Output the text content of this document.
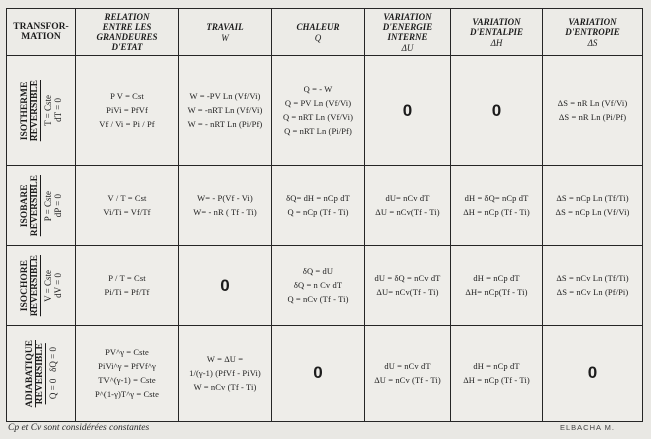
TRANSFOR-
MATION	RELATION
ENTRE LES
GRANDEURES
D'ETAT	TRAVAIL
W	CHALEUR
Q	VARIATION
D'ENERGIE
INTERNE
ΔU	VARIATION
D'ENTALPIE
ΔH	VARIATION
D'ENTROPIE
ΔS

ISOTHERME
REVERSIBLE T = Cste
dT = 0	P V = Cst
PiVi = PfVf
Vf / Vi = Pi / Pf	W = -PV Ln (Vf/Vi)
W = -nRT Ln (Vf/Vi)
W = - nRT Ln (Pi/Pf)	Q = - W
Q = PV Ln (Vf/Vi)
Q = nRT Ln (Vf/Vi)
Q = nRT Ln (Pi/Pf)	0	0	ΔS = nR Ln (Vf/Vi)
ΔS = nR Ln (Pi/Pf)

ISOBARE
REVERSIBLE P = Cste
dP = 0	V / T = Cst
Vi/Ti = Vf/Tf	W= - P(Vf - Vi)
W= - nR ( Tf - Ti)	δQ= dH = nCp dT
Q = nCp (Tf - Ti)	dU= nCv dT
ΔU = nCv(Tf - Ti)	dH = δQ= nCp dT
ΔH = nCp (Tf - Ti)	ΔS = nCp Ln (Tf/Ti)
ΔS = nCp Ln (Vf/Vi)

ISOCHORE
REVERSIBLE V = Cste
dV = 0	P / T = Cst
Pi/Ti = Pf/Tf	0	δQ = dU
δQ = n Cv dT
Q = nCv (Tf - Ti)	dU = δQ = nCv dT
ΔU= nCv(Tf - Ti)	dH = nCp dT
ΔH= nCp(Tf - Ti)	ΔS = nCv Ln (Tf/Ti)
ΔS = nCv Ln (Pf/Pi)

ADIABATIQUE
REVERSIBLE Q = 0   δQ = 0	PV^γ = Cste
PiVi^γ = PfVf^γ
TV^(γ-1) = Cste
P^(1-γ)T^γ = Cste	W = ΔU =
1/(γ-1) (PfVf - PiVi)
W = nCv (Tf - Ti)	0	dU = nCv dT
ΔU = nCv (Tf - Ti)	dH = nCp dT
ΔH = nCp (Tf - Ti)	0
Cp et Cv sont considérées constantes	ELBACHA M.
